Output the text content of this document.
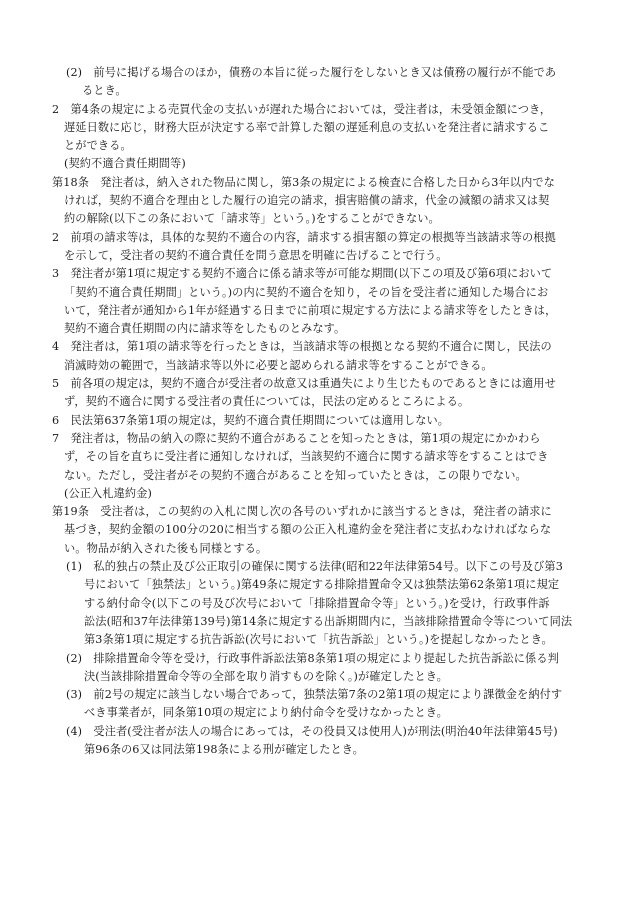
(2)　前号に掲げる場合のほか，債務の本旨に従った履行をしないとき又は債務の履行が不能であ
るとき。
2　第4条の規定による売買代金の支払いが遅れた場合においては，受注者は，未受領金額につき，
遅延日数に応じ，財務大臣が決定する率で計算した額の遅延利息の支払いを発注者に請求するこ
とができる。
(契約不適合責任期間等)
第18条　発注者は，納入された物品に関し，第3条の規定による検査に合格した日から3年以内でな
ければ，契約不適合を理由とした履行の追完の請求，損害賠償の請求，代金の減額の請求又は契
約の解除(以下この条において「請求等」という。)をすることができない。
2　前項の請求等は，具体的な契約不適合の内容，請求する損害額の算定の根拠等当該請求等の根拠
を示して，受注者の契約不適合責任を問う意思を明確に告げることで行う。
3　発注者が第1項に規定する契約不適合に係る請求等が可能な期間(以下この項及び第6項において
「契約不適合責任期間」という。)の内に契約不適合を知り，その旨を受注者に通知した場合にお
いて，発注者が通知から1年が経過する日までに前項に規定する方法による請求等をしたときは，
契約不適合責任期間の内に請求等をしたものとみなす。
4　発注者は，第1項の請求等を行ったときは，当該請求等の根拠となる契約不適合に関し，民法の
消滅時効の範囲で，当該請求等以外に必要と認められる請求等をすることができる。
5　前各項の規定は，契約不適合が受注者の故意又は重過失により生じたものであるときには適用せ
ず，契約不適合に関する受注者の責任については，民法の定めるところによる。
6　民法第637条第1項の規定は，契約不適合責任期間については適用しない。
7　発注者は，物品の納入の際に契約不適合があることを知ったときは，第1項の規定にかかわら
ず，その旨を直ちに受注者に通知しなければ，当該契約不適合に関する請求等をすることはでき
ない。ただし，受注者がその契約不適合があることを知っていたときは，この限りでない。
(公正入札違約金)
第19条　受注者は，この契約の入札に関し次の各号のいずれかに該当するときは，発注者の請求に
基づき，契約金額の100分の20に相当する額の公正入札違約金を発注者に支払わなければならな
い。物品が納入された後も同様とする。
(1)　私的独占の禁止及び公正取引の確保に関する法律(昭和22年法律第54号。以下この号及び第3
号において「独禁法」という。)第49条に規定する排除措置命令又は独禁法第62条第1項に規定
する納付命令(以下この号及び次号において「排除措置命令等」という。)を受け，行政事件訴
訟法(昭和37年法律第139号)第14条に規定する出訴期間内に，当該排除措置命令等について同法
第3条第1項に規定する抗告訴訟(次号において「抗告訴訟」という。)を提起しなかったとき。
(2)　排除措置命令等を受け，行政事件訴訟法第8条第1項の規定により提起した抗告訴訟に係る判
決(当該排除措置命令等の全部を取り消すものを除く。)が確定したとき。
(3)　前2号の規定に該当しない場合であって，独禁法第7条の2第1項の規定により課徴金を納付す
べき事業者が，同条第10項の規定により納付命令を受けなかったとき。
(4)　受注者(受注者が法人の場合にあっては，その役員又は使用人)が刑法(明治40年法律第45号)
第96条の6又は同法第198条による刑が確定したとき。
